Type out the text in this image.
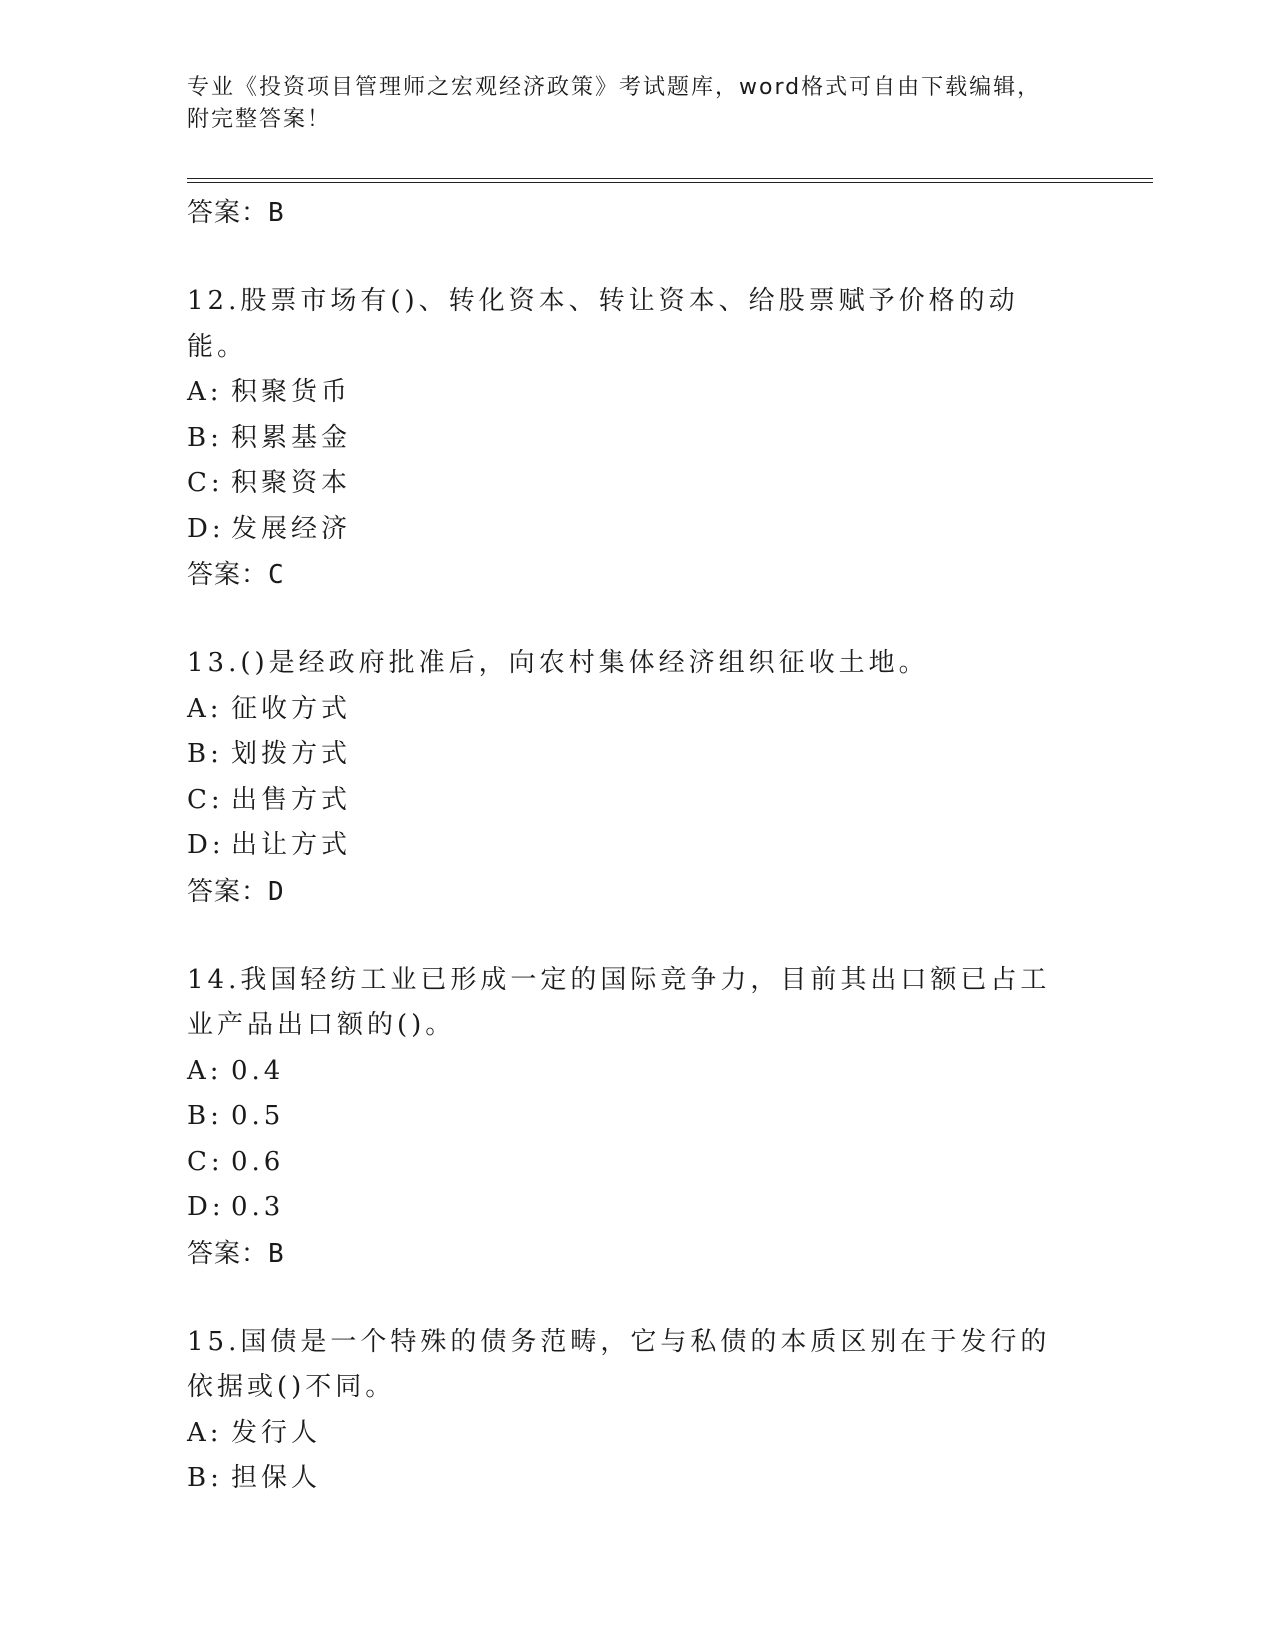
专业《投资项目管理师之宏观经济政策》考试题库，word格式可自由下载编辑，
附完整答案！
答案：B
12.股票市场有()、转化资本、转让资本、给股票赋予价格的动能。
A: 积聚货币
B: 积累基金
C: 积聚资本
D: 发展经济
答案：C
13.()是经政府批准后，向农村集体经济组织征收土地。
A: 征收方式
B: 划拨方式
C: 出售方式
D: 出让方式
答案：D
14.我国轻纺工业已形成一定的国际竞争力，目前其出口额已占工业产品出口额的()。
A: 0.4
B: 0.5
C: 0.6
D: 0.3
答案：B
15.国债是一个特殊的债务范畴，它与私债的本质区别在于发行的依据或()不同。
A: 发行人
B: 担保人
